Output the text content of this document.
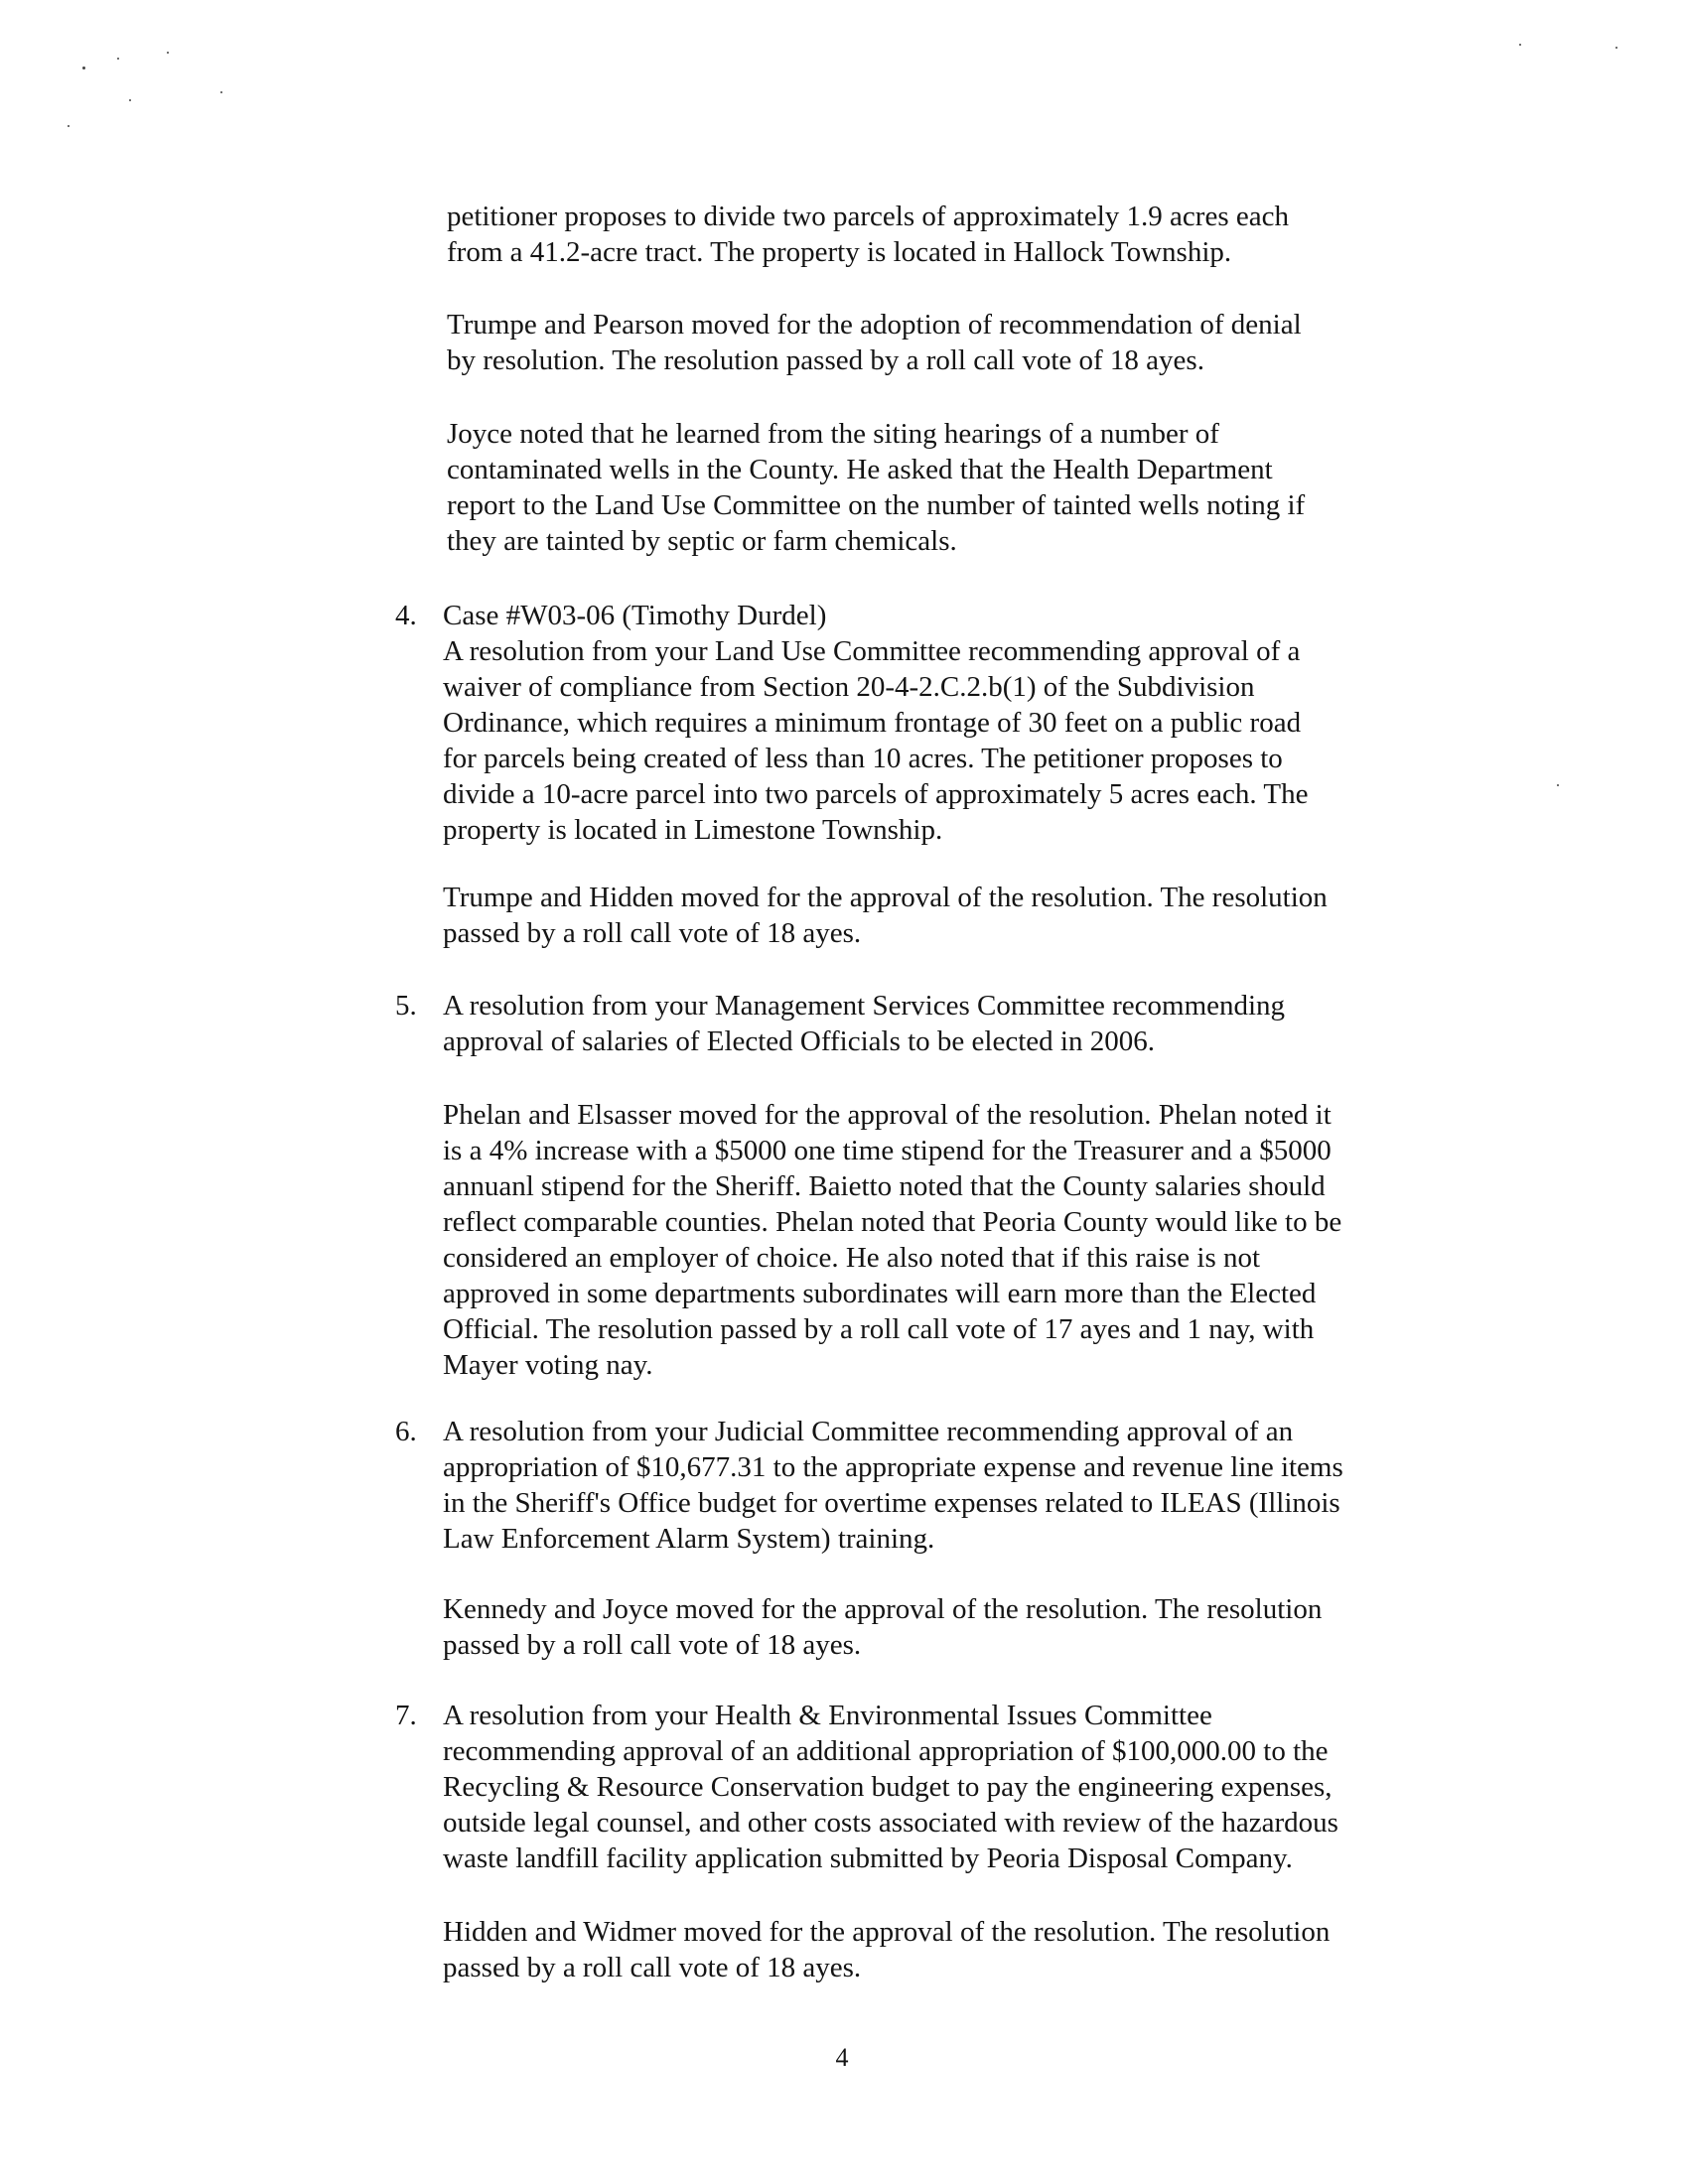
petitioner proposes to divide two parcels of approximately 1.9 acres each
from a 41.2-acre tract. The property is located in Hallock Township.

Trumpe and Pearson moved for the adoption of recommendation of denial
by resolution. The resolution passed by a roll call vote of 18 ayes.

Joyce noted that he learned from the siting hearings of a number of
contaminated wells in the County. He asked that the Health Department
report to the Land Use Committee on the number of tainted wells noting if
they are tainted by septic or farm chemicals.

4. Case #W03-06 (Timothy Durdel)
A resolution from your Land Use Committee recommending approval of a
waiver of compliance from Section 20-4-2.C.2.b(1) of the Subdivision
Ordinance, which requires a minimum frontage of 30 feet on a public road
for parcels being created of less than 10 acres. The petitioner proposes to
divide a 10-acre parcel into two parcels of approximately 5 acres each. The
property is located in Limestone Township.

Trumpe and Hidden moved for the approval of the resolution. The resolution
passed by a roll call vote of 18 ayes.

5. A resolution from your Management Services Committee recommending
approval of salaries of Elected Officials to be elected in 2006.

Phelan and Elsasser moved for the approval of the resolution. Phelan noted it
is a 4% increase with a $5000 one time stipend for the Treasurer and a $5000
annuanl stipend for the Sheriff. Baietto noted that the County salaries should
reflect comparable counties. Phelan noted that Peoria County would like to be
considered an employer of choice. He also noted that if this raise is not
approved in some departments subordinates will earn more than the Elected
Official. The resolution passed by a roll call vote of 17 ayes and 1 nay, with
Mayer voting nay.

6. A resolution from your Judicial Committee recommending approval of an
appropriation of $10,677.31 to the appropriate expense and revenue line items
in the Sheriff's Office budget for overtime expenses related to ILEAS (Illinois
Law Enforcement Alarm System) training.

Kennedy and Joyce moved for the approval of the resolution. The resolution
passed by a roll call vote of 18 ayes.

7. A resolution from your Health & Environmental Issues Committee
recommending approval of an additional appropriation of $100,000.00 to the
Recycling & Resource Conservation budget to pay the engineering expenses,
outside legal counsel, and other costs associated with review of the hazardous
waste landfill facility application submitted by Peoria Disposal Company.

Hidden and Widmer moved for the approval of the resolution. The resolution
passed by a roll call vote of 18 ayes.

4
